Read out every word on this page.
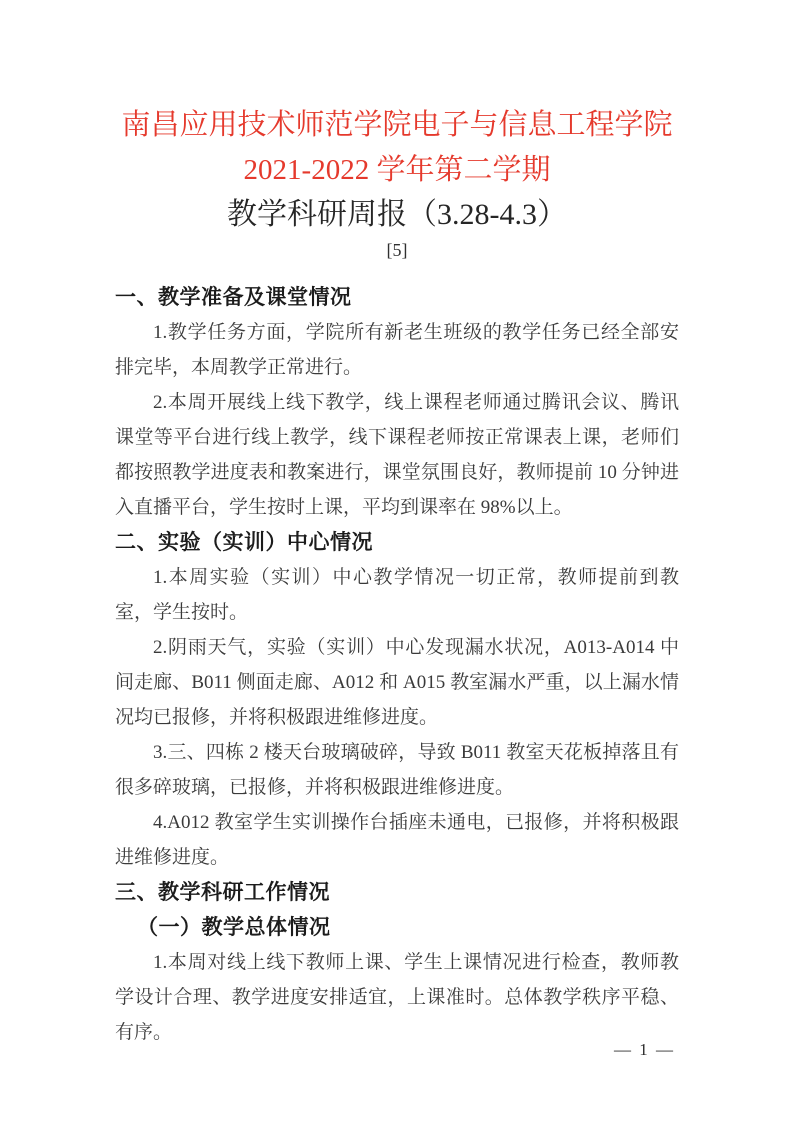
南昌应用技术师范学院电子与信息工程学院
2021-2022 学年第二学期
教学科研周报（3.28-4.3）
[5]
一、教学准备及课堂情况

1.教学任务方面，学院所有新老生班级的教学任务已经全部安排完毕，本周教学正常进行。

2.本周开展线上线下教学，线上课程老师通过腾讯会议、腾讯课堂等平台进行线上教学，线下课程老师按正常课表上课，老师们都按照教学进度表和教案进行，课堂氛围良好，教师提前 10 分钟进入直播平台，学生按时上课，平均到课率在 98%以上。

二、实验（实训）中心情况

1.本周实验（实训）中心教学情况一切正常，教师提前到教室，学生按时。

2.阴雨天气，实验（实训）中心发现漏水状况，A013-A014 中间走廊、B011 侧面走廊、A012 和 A015 教室漏水严重，以上漏水情况均已报修，并将积极跟进维修进度。

3.三、四栋 2 楼天台玻璃破碎，导致 B011 教室天花板掉落且有很多碎玻璃，已报修，并将积极跟进维修进度。

4.A012 教室学生实训操作台插座未通电，已报修，并将积极跟进维修进度。

三、教学科研工作情况
（一）教学总体情况

1.本周对线上线下教师上课、学生上课情况进行检查，教师教学设计合理、教学进度安排适宜，上课准时。总体教学秩序平稳、有序。

— 1 —
